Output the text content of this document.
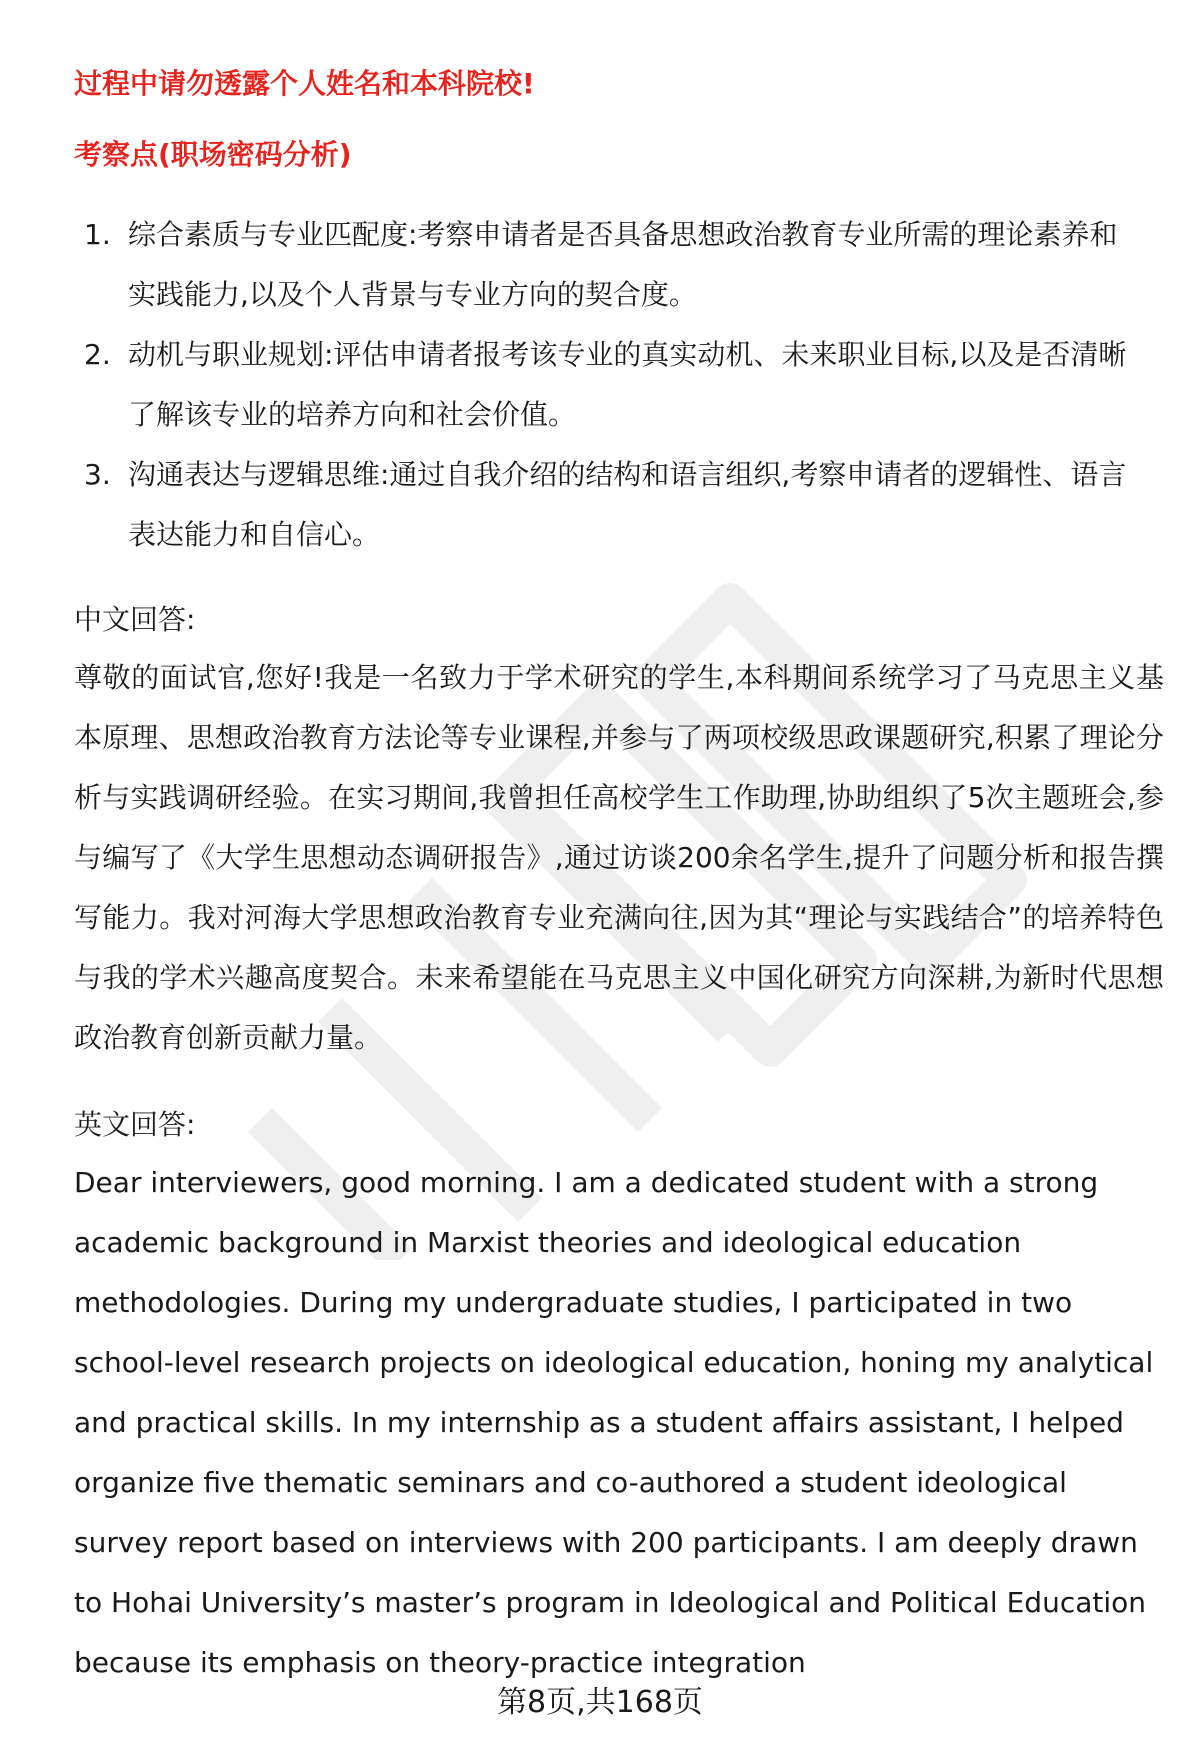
过程中请勿透露个人姓名和本科院校!
考察点(职场密码分析)
1. 综合素质与专业匹配度:考察申请者是否具备思想政治教育专业所需的理论素养和实践能力,以及个人背景与专业方向的契合度。
2. 动机与职业规划:评估申请者报考该专业的真实动机、未来职业目标,以及是否清晰了解该专业的培养方向和社会价值。
3. 沟通表达与逻辑思维:通过自我介绍的结构和语言组织,考察申请者的逻辑性、语言表达能力和自信心。
中文回答:

尊敬的面试官,您好!我是一名致力于学术研究的学生,本科期间系统学习了马克思主义基本原理、思想政治教育方法论等专业课程,并参与了两项校级思政课题研究,积累了理论分析与实践调研经验。在实习期间,我曾担任高校学生工作助理,协助组织了5次主题班会,参与编写了《大学生思想动态调研报告》,通过访谈200余名学生,提升了问题分析和报告撰写能力。我对河海大学思想政治教育专业充满向往,因为其“理论与实践结合”的培养特色与我的学术兴趣高度契合。未来希望能在马克思主义中国化研究方向深耕,为新时代思想政治教育创新贡献力量。

英文回答:

Dear interviewers, good morning. I am a dedicated student with a strong academic background in Marxist theories and ideological education methodologies. During my undergraduate studies, I participated in two school-level research projects on ideological education, honing my analytical and practical skills. In my internship as a student affairs assistant, I helped organize five thematic seminars and co-authored a student ideological survey report based on interviews with 200 participants. I am deeply drawn to Hohai University’s master’s program in Ideological and Political Education because its emphasis on theory-practice integration

第8页,共168页
